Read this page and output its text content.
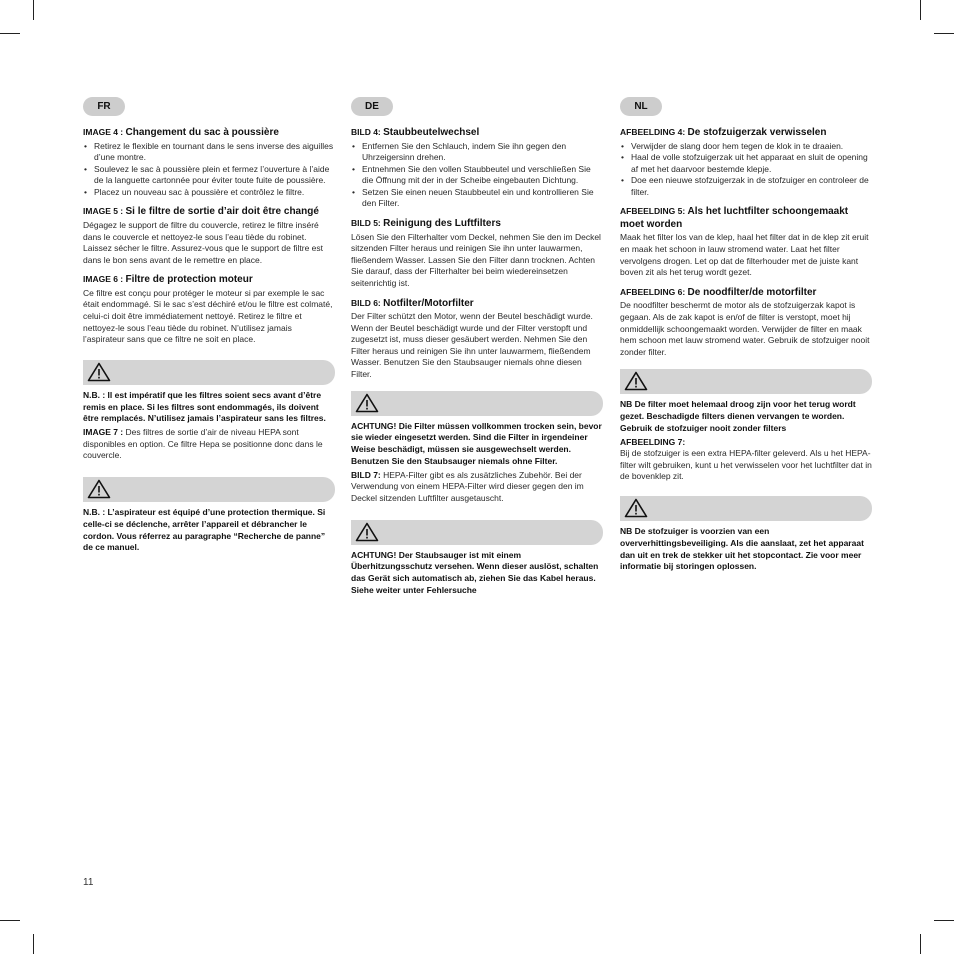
FR
IMAGE 4 : Changement du sac à poussière
• Retirez le flexible en tournant dans le sens inverse des aiguilles d’une montre.
• Soulevez le sac à poussière plein et fermez l’ouverture à l’aide de la languette cartonnée pour éviter toute fuite de poussière.
• Placez un nouveau sac à poussière et contrôlez le filtre.
IMAGE 5 : Si le filtre de sortie d’air doit être changé

Dégagez le support de filtre du couvercle, retirez le filtre inséré dans le couvercle et nettoyez-le sous l’eau tiède du robinet. Laissez sécher le filtre. Assurez-vous que le support de filtre est dans le bon sens avant de le remettre en place.

IMAGE 6 : Filtre de protection moteur

Ce filtre est conçu pour protéger le moteur si par exemple le sac était endommagé. Si le sac s’est déchiré et/ou le filtre est colmaté, celui-ci doit être immédiatement nettoyé. Retirez le filtre et nettoyez-le sous l’eau tiède du robinet. N’utilisez jamais l’aspirateur sans que ce filtre ne soit en place.

N.B. : Il est impératif que les filtres soient secs avant d’être remis en place. Si les filtres sont endommagés, ils doivent être remplacés. N’utilisez jamais l’aspirateur sans les filtres.

IMAGE 7 : Des filtres de sortie d’air de niveau HEPA sont disponibles en option. Ce filtre Hepa se positionne donc dans le couvercle.

N.B. : L’aspirateur est équipé d’une protection thermique. Si celle-ci se déclenche, arrêter l’appareil et débrancher le cordon. Vous réferrez au paragraphe “Recherche de panne” de ce manuel.

DE
BILD 4: Staubbeutelwechsel
• Entfernen Sie den Schlauch, indem Sie ihn gegen den Uhrzeigersinn drehen.
• Entnehmen Sie den vollen Staubbeutel und verschließen Sie die Öffnung mit der in der Scheibe eingebauten Dichtung.
• Setzen Sie einen neuen Staubbeutel ein und kontrollieren Sie den Filter.
BILD 5: Reinigung des Luftfilters

Lösen Sie den Filterhalter vom Deckel, nehmen Sie den im Deckel sitzenden Filter heraus und reinigen Sie ihn unter lauwarmen, fließendem Wasser. Lassen Sie den Filter dann trocknen. Achten Sie darauf, dass der Filterhalter bei beim wiedereinsetzen seitenrichtig ist.

BILD 6: Notfilter/Motorfilter

Der Filter schützt den Motor, wenn der Beutel beschädigt wurde. Wenn der Beutel beschädigt wurde und der Filter verstopft und zugesetzt ist, muss dieser gesäubert werden. Nehmen Sie den Filter heraus und reinigen Sie ihn unter lauwarmem, fließendem Wasser. Benutzen Sie den Staubsauger niemals ohne diesen Filter.

ACHTUNG! Die Filter müssen vollkommen trocken sein, bevor sie wieder eingesetzt werden. Sind die Filter in irgendeiner Weise beschädigt, müssen sie ausgewechselt werden. Benutzen Sie den Staubsauger niemals ohne Filter.

BILD 7: HEPA-Filter gibt es als zusätzliches Zubehör. Bei der Verwendung von einem HEPA-Filter wird dieser gegen den im Deckel sitzenden Luftfilter ausgetauscht.

ACHTUNG! Der Staubsauger ist mit einem Überhitzungsschutz versehen. Wenn dieser auslöst, schalten das Gerät sich automatisch ab, ziehen Sie das Kabel heraus. Siehe weiter unter Fehlersuche

NL
AFBEELDING 4: De stofzuigerzak verwisselen
• Verwijder de slang door hem tegen de klok in te draaien.
• Haal de volle stofzuigerzak uit het apparaat en sluit de opening af met het daarvoor bestemde klepje.
• Doe een nieuwe stofzuigerzak in de stofzuiger en controleer de filter.
AFBEELDING 5: Als het luchtfilter schoongemaakt moet worden

Maak het filter los van de klep, haal het filter dat in de klep zit eruit en maak het schoon in lauw stromend water. Laat het filter vervolgens drogen. Let op dat de filterhouder met de juiste kant boven zit als het terug wordt gezet.

AFBEELDING 6: De noodfilter/de motorfilter

De noodfilter beschermt de motor als de stofzuigerzak kapot is gegaan. Als de zak kapot is en/of de filter is verstopt, moet hij onmiddellijk schoongemaakt worden. Verwijder de filter en maak hem schoon met lauw stromend water. Gebruik de stofzuiger nooit zonder filter.

NB De filter moet helemaal droog zijn voor het terug wordt gezet. Beschadigde filters dienen vervangen te worden. Gebruik de stofzuiger nooit zonder filters

AFBEELDING 7:

Bij de stofzuiger is een extra HEPA-filter geleverd. Als u het HEPA-filter wilt gebruiken, kunt u het verwisselen voor het luchtfilter dat in de bovenklep zit.

NB De stofzuiger is voorzien van een oververhittingsbeveiliging. Als die aanslaat, zet het apparaat dan uit en trek de stekker uit het stopcontact. Zie voor meer informatie bij storingen oplossen.

11
